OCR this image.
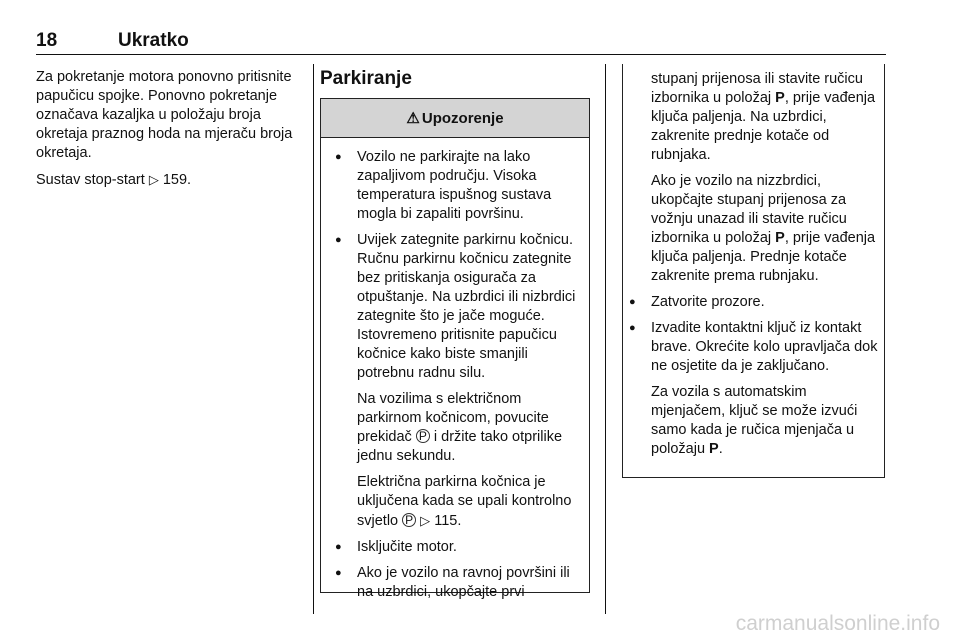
18	Ukratko

Za pokretanje motora ponovno pritisnite papučicu spojke. Ponovno pokretanje označava kazaljka u položaju broja okretaja praznog hoda na mjeraču broja okretaja.

Sustav stop-start ▷ 159.

Parkiranje
⚠ Upozorenje
● Vozilo ne parkirajte na lako zapaljivom području. Visoka temperatura ispušnog sustava mogla bi zapaliti površinu.
● Uvijek zategnite parkirnu kočnicu. Ručnu parkirnu kočnicu zategnite bez pritiskanja osigurača za otpuštanje. Na uzbrdici ili nizbrdici zategnite što je jače moguće. Istovremeno pritisnite papučicu kočnice kako biste smanjili potrebnu radnu silu.
Na vozilima s električnom parkirnom kočnicom, povucite prekidač P i držite tako otprilike jednu sekundu.
Električna parkirna kočnica je uključena kada se upali kontrolno svjetlo P ▷ 115.
● Isključite motor.
● Ako je vozilo na ravnoj površini ili na uzbrdici, ukopčajte prvi
stupanj prijenosa ili stavite ručicu izbornika u položaj P, prije vađenja ključa paljenja. Na uzbrdici, zakrenite prednje kotače od rubnjaka.
Ako je vozilo na nizzbrdici, ukopčajte stupanj prijenosa za vožnju unazad ili stavite ručicu izbornika u položaj P, prije vađenja ključa paljenja. Prednje kotače zakrenite prema rubnjaku.
● Zatvorite prozore.
● Izvadite kontaktni ključ iz kontakt brave. Okrećite kolo upravljača dok ne osjetite da je zaključano.
Za vozila s automatskim mjenjačem, ključ se može izvući samo kada je ručica mjenjača u položaju P.
carmanualsonline.info
